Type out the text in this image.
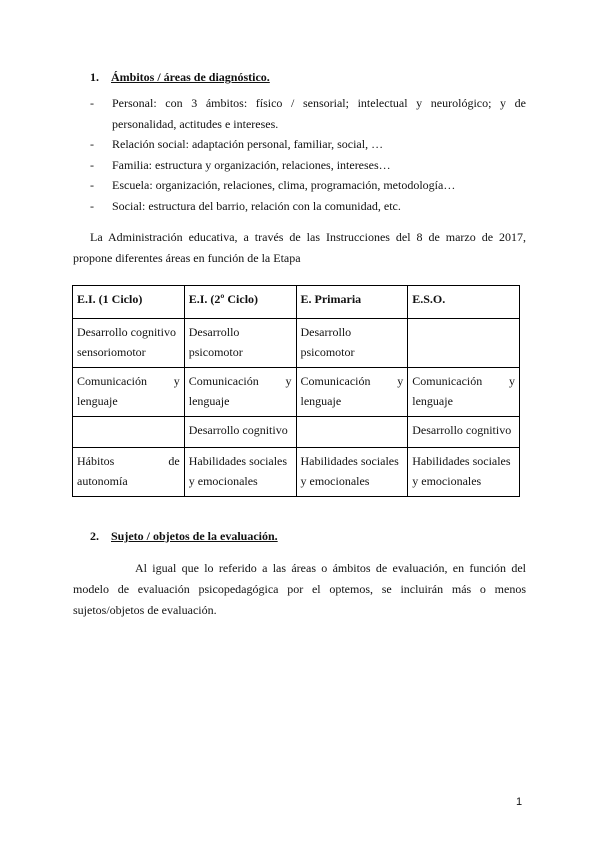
1. Ámbitos / áreas de diagnóstico.
- Personal: con 3 ámbitos: físico / sensorial; intelectual y neurológico; y de personalidad, actitudes e intereses.
- Relación social: adaptación personal, familiar, social, …
- Familia: estructura y organización, relaciones, intereses…
- Escuela: organización, relaciones, clima, programación, metodología…
- Social: estructura del barrio, relación con la comunidad, etc.

La Administración educativa, a través de las Instrucciones del 8 de marzo de 2017, propone diferentes áreas en función de la Etapa

E.I. (1 Ciclo)	E.I. (2º Ciclo)	E. Primaria	E.S.O.
Desarrollo cognitivo sensoriomotor	Desarrollo psicomotor	Desarrollo psicomotor	
Comunicación y lenguaje	Comunicación y lenguaje	Comunicación y lenguaje	Comunicación y lenguaje
	Desarrollo cognitivo		Desarrollo cognitivo
Hábitos de autonomía	Habilidades sociales y emocionales	Habilidades sociales y emocionales	Habilidades sociales y emocionales
2. Sujeto / objetos de la evaluación.

Al igual que lo referido a las áreas o ámbitos de evaluación, en función del modelo de evaluación psicopedagógica por el optemos, se incluirán más o menos sujetos/objetos de evaluación.

1
